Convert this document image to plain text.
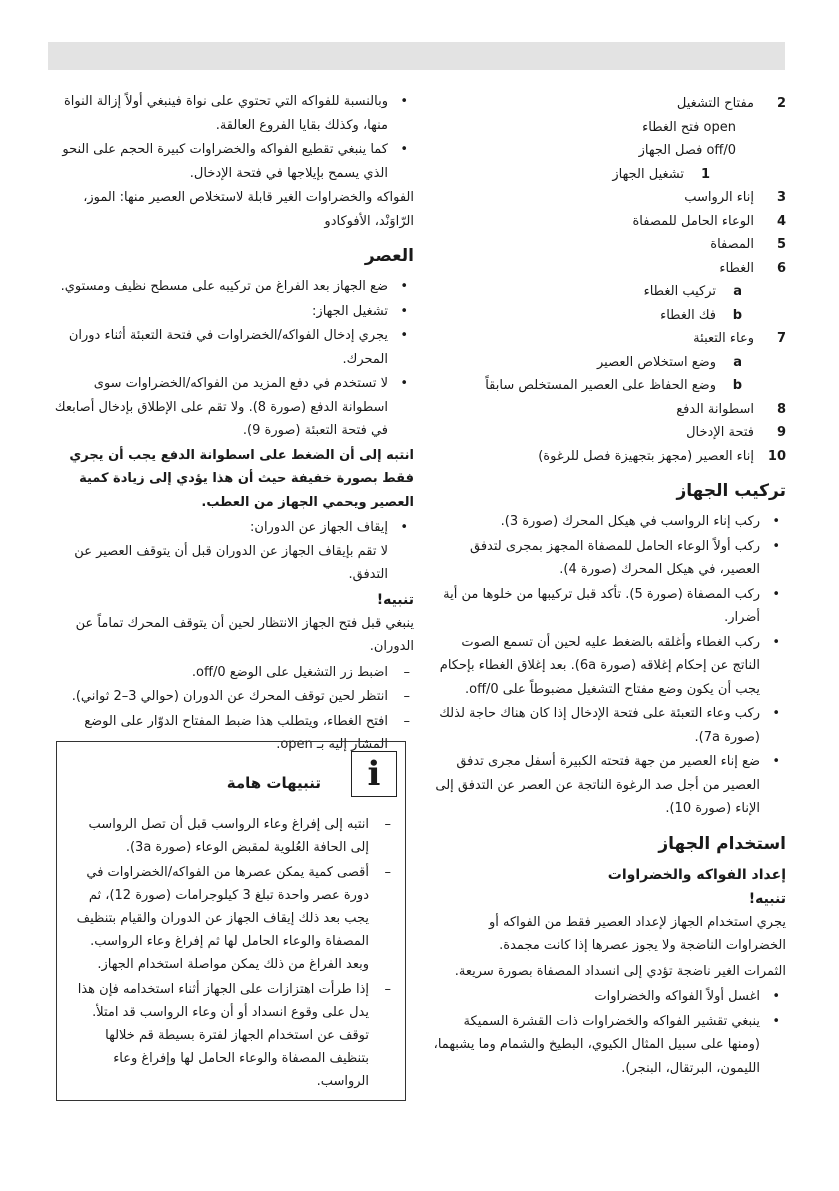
2
مفتاح التشغيل
open فتح الغطاء
off/0 فصل الجهاز
1
تشغيل الجهاز
3
إناء الرواسب
4
الوعاء الحامل للمصفاة
5
المصفاة
6
الغطاء
a
تركيب الغطاء
b
فك الغطاء
7
وعاء التعبئة
a
وضع استخلاص العصير
b
وضع الحفاظ على العصير المستخلص سابقاً
8
اسطوانة الدفع
9
فتحة الإدخال
10
إناء العصير (مجهز بتجهيزة فصل للرغوة)
تركيب الجهاز
• ركب إناء الرواسب في هيكل المحرك (صورة 3).
• ركب أولاً الوعاء الحامل للمصفاة المجهز بمجرى لتدفق العصير، في هيكل المحرك (صورة 4).
• ركب المصفاة (صورة 5). تأكد قبل تركيبها من خلوها من أية أضرار.
• ركب الغطاء وأغلقه بالضغط عليه لحين أن تسمع الصوت الناتج عن إحكام إغلاقه (صورة 6a). بعد إغلاق الغطاء بإحكام يجب أن يكون وضع مفتاح التشغيل مضبوطاً على off/0.
• ركب وعاء التعبئة على فتحة الإدخال إذا كان هناك حاجة لذلك (صورة 7a).
• ضع إناء العصير من جهة فتحته الكبيرة أسفل مجرى تدفق العصير من أجل صد الرغوة الناتجة عن العصر عن التدفق إلى الإناء (صورة 10).
استخدام الجهاز
إعداد الفواكه والخضراوات
تنبيه!

يجري استخدام الجهاز لإعداد العصير فقط من الفواكه أو الخضراوات الناضجة ولا يجوز عصرها إذا كانت مجمدة.

الثمرات الغير ناضجة تؤدي إلى انسداد المصفاة بصورة سريعة.

• اغسل أولاً الفواكه والخضراوات
• ينبغي تقشير الفواكه والخضراوات ذات القشرة السميكة (ومنها على سبيل المثال الكيوي، البطيخ والشمام وما يشبهما، الليمون، البرتقال، البنجر).
• وبالنسبة للفواكه التي تحتوي على نواة فينبغي أولاً إزالة النواة منها، وكذلك بقايا الفروع العالقة.
• كما ينبغي تقطيع الفواكه والخضراوات كبيرة الحجم على النحو الذي يسمح بإيلاجها في فتحة الإدخال.

الفواكه والخضراوات الغير قابلة لاستخلاص العصير منها: الموز، الرّاوَنْد، الأفوكادو

العصر
• ضع الجهاز بعد الفراغ من تركيبه على مسطح نظيف ومستوي.
• تشغيل الجهاز:
• يجري إدخال الفواكه/الخضراوات في فتحة التعبئة أثناء دوران المحرك.
• لا تستخدم في دفع المزيد من الفواكه/الخضراوات سوى اسطوانة الدفع (صورة 8). ولا تقم على الإطلاق بإدخال أصابعك في فتحة التعبئة (صورة 9).

انتبه إلى أن الضغط على اسطوانة الدفع يجب أن يجري فقط بصورة خفيفة حيث أن هذا يؤدي إلى زيادة كمية العصير ويحمي الجهاز من العطب.

• إيقاف الجهاز عن الدوران:
لا تقم بإيقاف الجهاز عن الدوران قبل أن يتوقف العصير عن التدفق.
تنبيه!

ينبغي قبل فتح الجهاز الانتظار لحين أن يتوقف المحرك تماماً عن الدوران.

– اضبط زر التشغيل على الوضع off/0.
– انتظر لحين توقف المحرك عن الدوران (حوالي 3–2 ثواني).
– افتح الغطاء، ويتطلب هذا ضبط المفتاح الدوّار على الوضع المشار إليه بـ open.
i
تنبيهات هامة
– انتبه إلى إفراغ وعاء الرواسب قبل أن تصل الرواسب إلى الحافة العُلوية لمقبض الوعاء (صورة 3a).
– أقصى كمية يمكن عصرها من الفواكه/الخضراوات في دورة عصر واحدة تبلغ 3 كيلوجرامات (صورة 12)، ثم يجب بعد ذلك إيقاف الجهاز عن الدوران والقيام بتنظيف المصفاة والوعاء الحامل لها ثم إفراغ وعاء الرواسب. وبعد الفراغ من ذلك يمكن مواصلة استخدام الجهاز.
– إذا طرأت اهتزازات على الجهاز أثناء استخدامه فإن هذا يدل على وقوع انسداد أو أن وعاء الرواسب قد امتلأ. توقف عن استخدام الجهاز لفترة بسيطة قم خلالها بتنظيف المصفاة والوعاء الحامل لها وإفراغ وعاء الرواسب.
